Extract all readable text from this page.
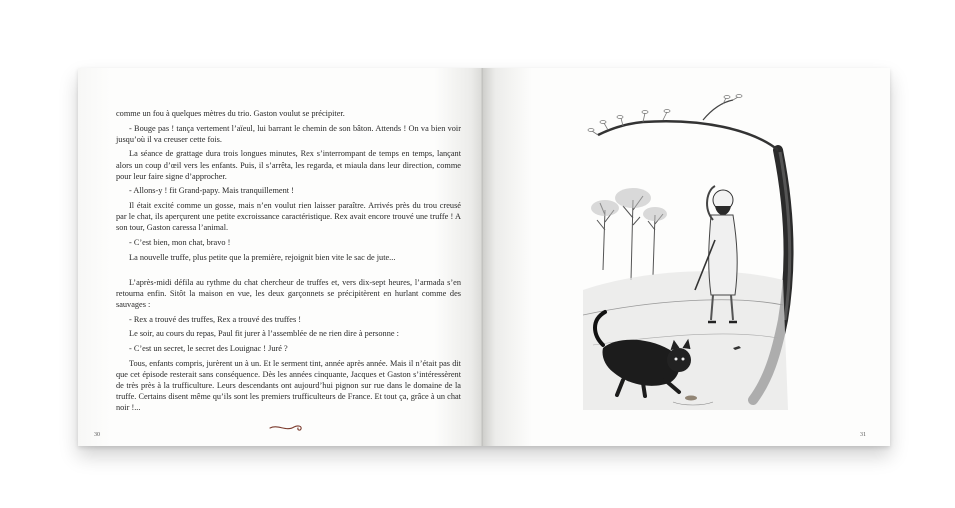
comme un fou à quelques mètres du trio. Gaston voulut se précipiter.

- Bouge pas ! tança vertement l’aïeul, lui barrant le chemin de son bâton. Attends ! On va bien voir jusqu’où il va creuser cette fois.

La séance de grattage dura trois longues minutes, Rex s’interrompant de temps en temps, lançant alors un coup d’œil vers les enfants. Puis, il s’arrêta, les regarda, et miaula dans leur direction, comme pour leur faire signe d’approcher.

- Allons-y ! fit Grand-papy. Mais tranquillement !

Il était excité comme un gosse, mais n’en voulut rien laisser paraître. Arrivés près du trou creusé par le chat, ils aperçurent une petite excroissance caractéristique. Rex avait encore trouvé une truffe ! A son tour, Gaston caressa l’animal.

- C’est bien, mon chat, bravo !

La nouvelle truffe, plus petite que la première, rejoignit bien vite le sac de jute...

L’après-midi défila au rythme du chat chercheur de truffes et, vers dix-sept heures, l’armada s’en retourna enfin. Sitôt la maison en vue, les deux garçonnets se précipitèrent en hurlant comme des sauvages :

- Rex a trouvé des truffes, Rex a trouvé des truffes !

Le soir, au cours du repas, Paul fit jurer à l’assemblée de ne rien dire à personne :

- C’est un secret, le secret des Louignac ! Juré ?

Tous, enfants compris, jurèrent un à un. Et le serment tint, année après année. Mais il n’était pas dit que cet épisode resterait sans conséquence. Dès les années cinquante, Jacques et Gaston s’intéressèrent de très près à la trufficulture. Leurs descendants ont aujourd’hui pignon sur rue dans le domaine de la truffe. Certains disent même qu’ils sont les premiers trufficulteurs de France. Et tout ça, grâce à un chat noir !...

30	31
